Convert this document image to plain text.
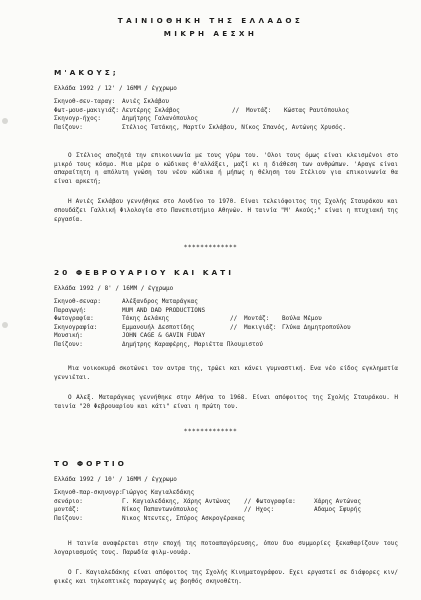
ΤΑΙΝΙΟΘΗΚΗ ΤΗΣ ΕΛΛΑΔΟΣ
ΜΙΚΡΗ ΑΕΣΧΗ
Μ'ΑΚΟΥΣ;
Ελλάδα 1992 / 12' / 16MM / έγχρωμο
Σκηνοθ-σεν-ταραγ:	Ανιές Σκλάβου
Φωτ-μουσ-μακιγιάζ: Λευτέρης Σκλάβος	//	Μοντάζ:	Κώστας Ραυτόπουλος
Σκηνογρ-ήχος:	Δημήτρης Γαλανόπουλος
Παίζουν:	Στέλιος Τατάκης, Μαρτίν Σκλάβου, Νίκος Σπανός, Αντώνης Χρυσός.

Ο Στέλιος αποζητά την επικοινωνία με τους γύρω του. 'Ολοι τους όμως είναι κλεισμένοι στο μικρό τους κόσμο. Μια μέρα ο κώδικας θ'αλλάξει, μαζί κι η διάθεση των ανθρώπων. 'Αραγε είναι απαραίτητη η απόλυτη γνώση του νέου κώδικα ή μήπως η θέληση του Στέλιου για επικοινωνία θα είναι αρκετή;

Η Ανιές Σκλάβου γεννήθηκε στο Λονδίνο το 1970. Είναι τελειόφοιτος της Σχολής Σταυράκου και σπουδάζει Γαλλική Φιλολογία στο Πανεπιστήμιο Αθηνών. Η ταινία "Μ' Ακούς;" είναι η πτυχιακή της εργασία.

*************
20 ΦΕΒΡΟΥΑΡΙΟΥ ΚΑΙ ΚΑΤΙ
Ελλάδα 1992 / 8' / 16MM / έγχρωμο
Σκηνοθ-σεναρ:	Αλέξανδρος Ματαράγκας
Παραγωγή:	MUM AND DAD PRODUCTIONS
Φωτογραφία:	Τάκης Δελάκης	//	Μοντάζ:	Βούλα Μέμου
Σκηνογραφία:	Εμμανουήλ Δεσποτίδης	//	Μακιγιάζ: Γλύκα Δημητροπούλου
Μουσική:	JOHN CAGE & GAVIN FUDAY
Παίζουν:	Δημήτρης Καραφέρης, Μαριέττα Πλουμιστού

Μια νοικοκυρά σκοτώνει τον αντρα της, τρώει και κάνει γυμναστική. Ενα νέο είδος εγκληματία γεννιέται.

Ο Αλεξ. Ματαράγκας γεννήθηκε στην Αθήνα το 1968. Είναι απόφοιτος της Σχολής Σταυράκου. Η ταινία "20 Φεβρουαρίου και κάτι" είναι η πρώτη του.

*************
ΤΟ ΦΟΡΤΙΟ
Ελλάδα 1992 / 10' / 16MM / έγχρωμο
Σκηνοθ-παρ-σκηνογρ: Γιώργος Καγιαλεδάκης
σενάριο:	Γ. Καγιαλεδάκης, Χάρης Αντώνας	// Φωτογραφία:	Χάρης Αντώνας
μοντάζ:	Νίκος Παπαντωνόπουλος	// Ηχος:	Αδαμος Σφυρής
Παίζουν:	Νικος Ντεντες, Σπύρος Ασκρογέρακας

Η ταινία αναφέρεται στην εποχή της ποτοαπαγόρευσης, όπου δυο συμμορίες ξεκαθαρίζουν τους λογαριασμούς τους. Παρωδία φιλμ-νουάρ.

Ο Γ. Καγιαλεδάκης είναι απόφοιτος της Σχολής Κινηματογράφου. Εχει εργαστεί σε διάφορες κιν/φικές και τηλεοπτικές παραγωγές ως βοηθός σκηνοθέτη.
